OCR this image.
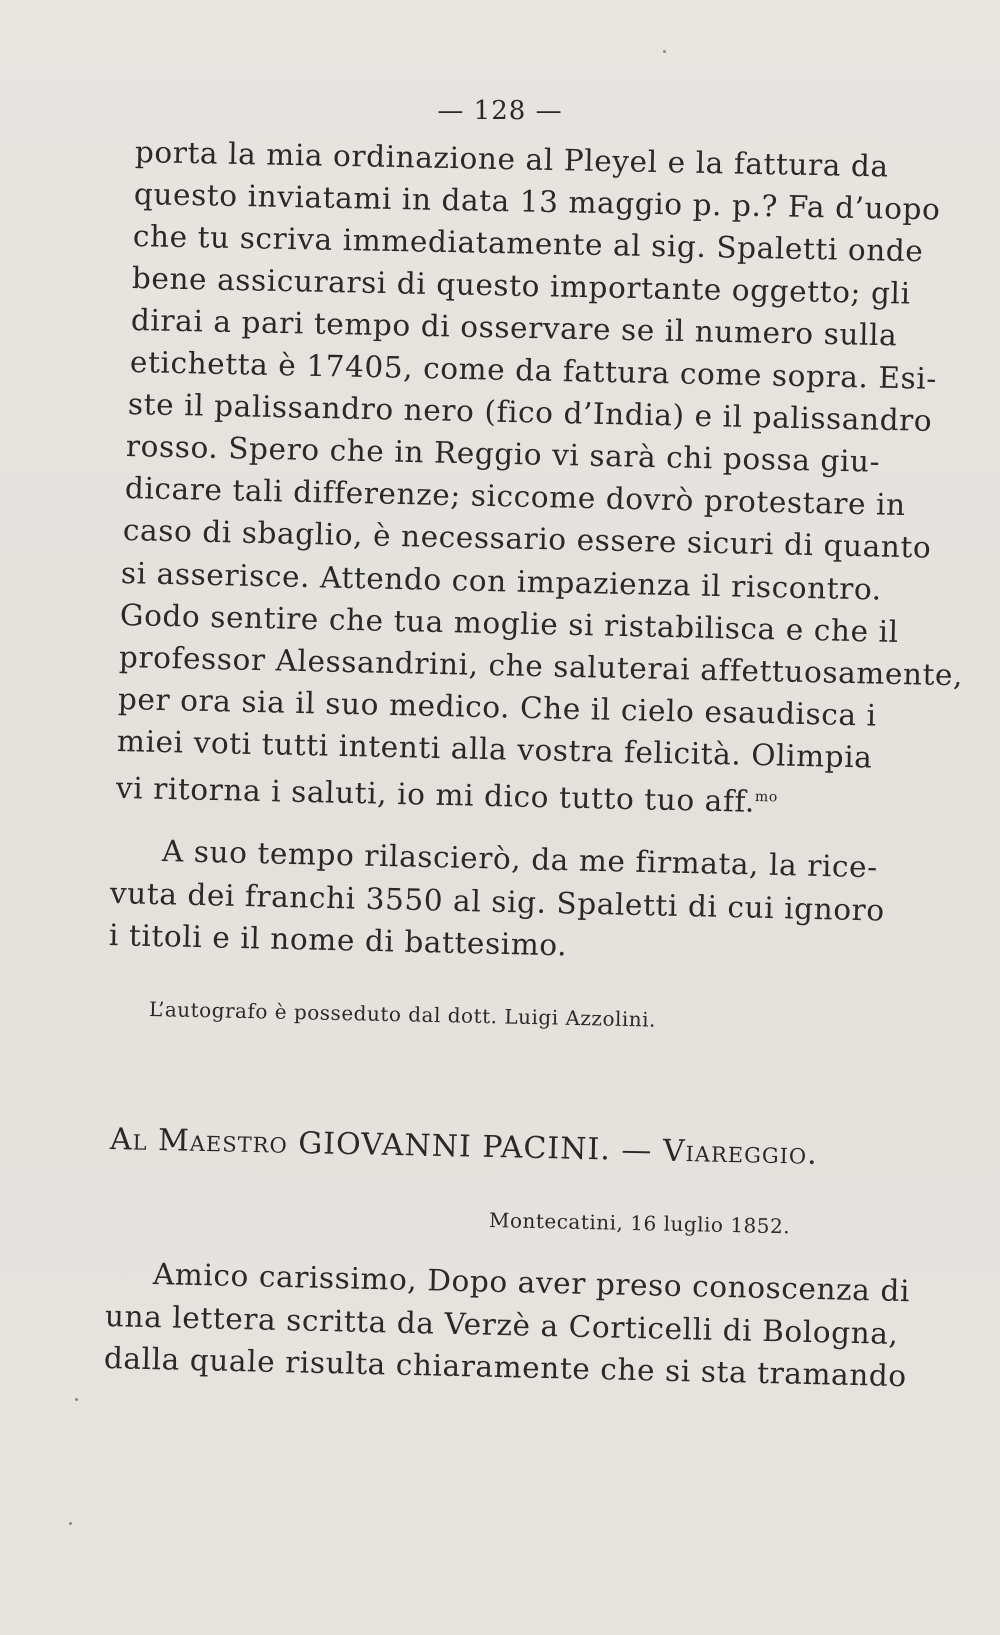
— 128 —
porta la mia ordinazione al Pleyel e la fattura da
questo inviatami in data 13 maggio p. p.? Fa d’uopo
che tu scriva immediatamente al sig. Spaletti onde
bene assicurarsi di questo importante oggetto; gli
dirai a pari tempo di osservare se il numero sulla
etichetta è 17405, come da fattura come sopra. Esi-
ste il palissandro nero (fico d’India) e il palissandro
rosso. Spero che in Reggio vi sarà chi possa giu-
dicare tali differenze; siccome dovrò protestare in
caso di sbaglio, è necessario essere sicuri di quanto
si asserisce. Attendo con impazienza il riscontro.
Godo sentire che tua moglie si ristabilisca e che il
professor Alessandrini, che saluterai affettuosamente,
per ora sia il suo medico. Che il cielo esaudisca i
miei voti tutti intenti alla vostra felicità. Olimpia
vi ritorna i saluti, io mi dico tutto tuo aff.$^{mo}$
A suo tempo rilascierò, da me firmata, la rice-
vuta dei franchi 3550 al sig. Spaletti di cui ignoro
i titoli e il nome di battesimo.
L’autografo è posseduto dal dott. Luigi Azzolini.
Al Maestro GIOVANNI PACINI. — Viareggio.
Montecatini, 16 luglio 1852.
Amico carissimo, Dopo aver preso conoscenza di
una lettera scritta da Verzè a Corticelli di Bologna,
dalla quale risulta chiaramente che si sta tramando
